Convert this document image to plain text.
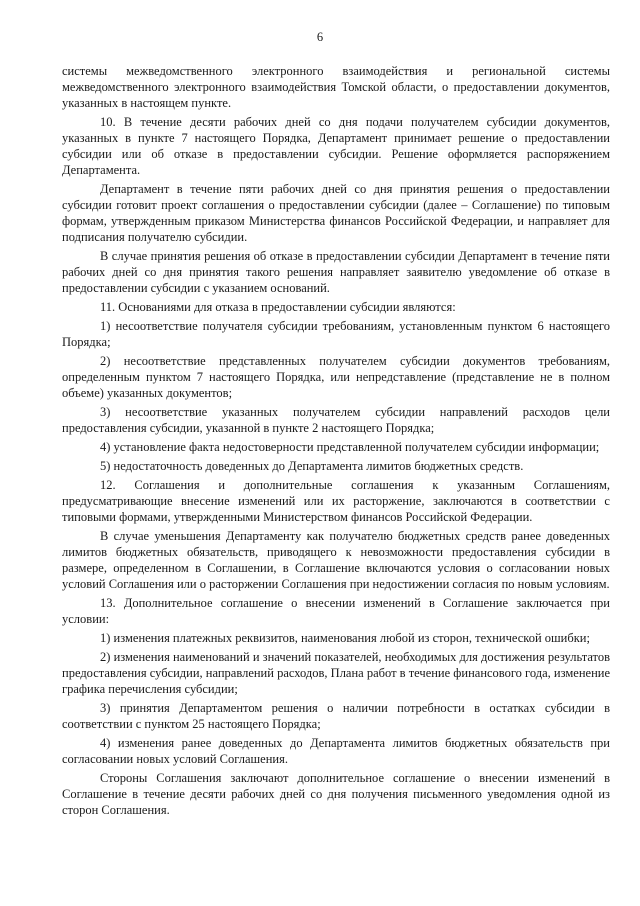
6

системы межведомственного электронного взаимодействия и региональной системы межведомственного электронного взаимодействия Томской области, о предоставлении документов, указанных в настоящем пункте.

10. В течение десяти рабочих дней со дня подачи получателем субсидии документов, указанных в пункте 7 настоящего Порядка, Департамент принимает решение о предоставлении субсидии или об отказе в предоставлении субсидии. Решение оформляется распоряжением Департамента.

Департамент в течение пяти рабочих дней со дня принятия решения о предоставлении субсидии готовит проект соглашения о предоставлении субсидии (далее – Соглашение) по типовым формам, утвержденным приказом Министерства финансов Российской Федерации, и направляет для подписания получателю субсидии.

В случае принятия решения об отказе в предоставлении субсидии Департамент в течение пяти рабочих дней со дня принятия такого решения направляет заявителю уведомление об отказе в предоставлении субсидии с указанием оснований.

11. Основаниями для отказа в предоставлении субсидии являются:

1) несоответствие получателя субсидии требованиям, установленным пунктом 6 настоящего Порядка;

2) несоответствие представленных получателем субсидии документов требованиям, определенным пунктом 7 настоящего Порядка, или непредставление (представление не в полном объеме) указанных документов;

3) несоответствие указанных получателем субсидии направлений расходов цели предоставления субсидии, указанной в пункте 2 настоящего Порядка;

4) установление факта недостоверности представленной получателем субсидии информации;

5) недостаточность доведенных до Департамента лимитов бюджетных средств.

12. Соглашения и дополнительные соглашения к указанным Соглашениям, предусматривающие внесение изменений или их расторжение, заключаются в соответствии с типовыми формами, утвержденными Министерством финансов Российской Федерации.

В случае уменьшения Департаменту как получателю бюджетных средств ранее доведенных лимитов бюджетных обязательств, приводящего к невозможности предоставления субсидии в размере, определенном в Соглашении, в Соглашение включаются условия о согласовании новых условий Соглашения или о расторжении Соглашения при недостижении согласия по новым условиям.

13. Дополнительное соглашение о внесении изменений в Соглашение заключается при условии:

1) изменения платежных реквизитов, наименования любой из сторон, технической ошибки;

2) изменения наименований и значений показателей, необходимых для достижения результатов предоставления субсидии, направлений расходов, Плана работ в течение финансового года, изменение графика перечисления субсидии;

3) принятия Департаментом решения о наличии потребности в остатках субсидии в соответствии с пунктом 25 настоящего Порядка;

4) изменения ранее доведенных до Департамента лимитов бюджетных обязательств при согласовании новых условий Соглашения.

Стороны Соглашения заключают дополнительное соглашение о внесении изменений в Соглашение в течение десяти рабочих дней со дня получения письменного уведомления одной из сторон Соглашения.
